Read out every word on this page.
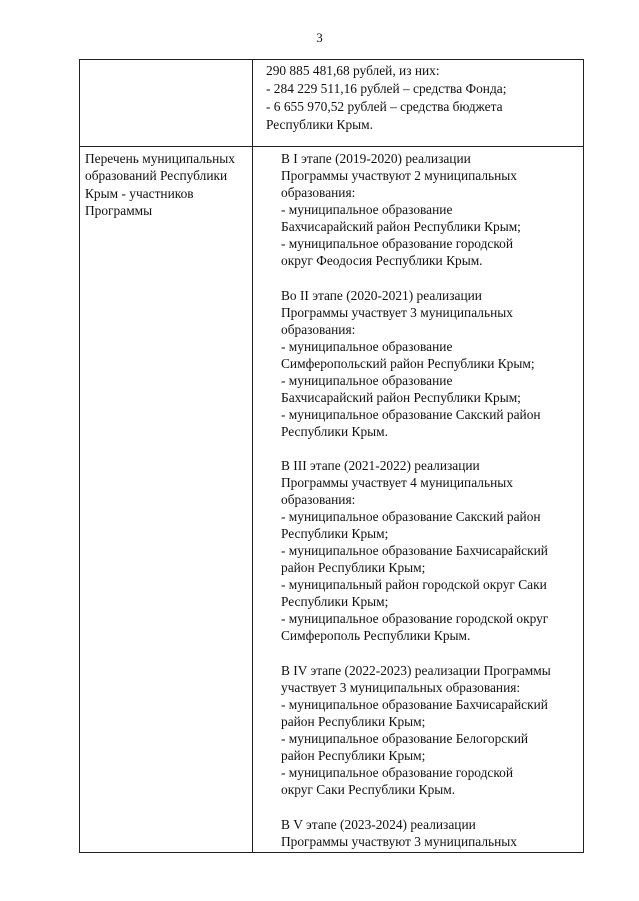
3
290 885 481,68 рублей, из них:
- 284 229 511,16 рублей – средства Фонда;
- 6 655 970,52 рублей – средства бюджета
Республики Крым.
Перечень муниципальных
образований Республики
Крым - участников
Программы
В I этапе (2019-2020) реализации
Программы участвуют 2 муниципальных
образования:
- муниципальное образование
Бахчисарайский район Республики Крым;
- муниципальное образование городской
округ Феодосия Республики Крым.
Во II этапе (2020-2021) реализации
Программы участвует 3 муниципальных
образования:
- муниципальное образование
Симферопольский район Республики Крым;
- муниципальное образование
Бахчисарайский район Республики Крым;
- муниципальное образование Сакский район
Республики Крым.
В III этапе (2021-2022) реализации
Программы участвует 4 муниципальных
образования:
- муниципальное образование Сакский район
Республики Крым;
- муниципальное образование Бахчисарайский
район Республики Крым;
- муниципальный район городской округ Саки
Республики Крым;
- муниципальное образование городской округ
Симферополь Республики Крым.
В IV этапе (2022-2023) реализации Программы
участвует 3 муниципальных образования:
- муниципальное образование Бахчисарайский
район Республики Крым;
- муниципальное образование Белогорский
район Республики Крым;
- муниципальное образование городской
округ Саки Республики Крым.
В V этапе (2023-2024) реализации
Программы участвуют 3 муниципальных
